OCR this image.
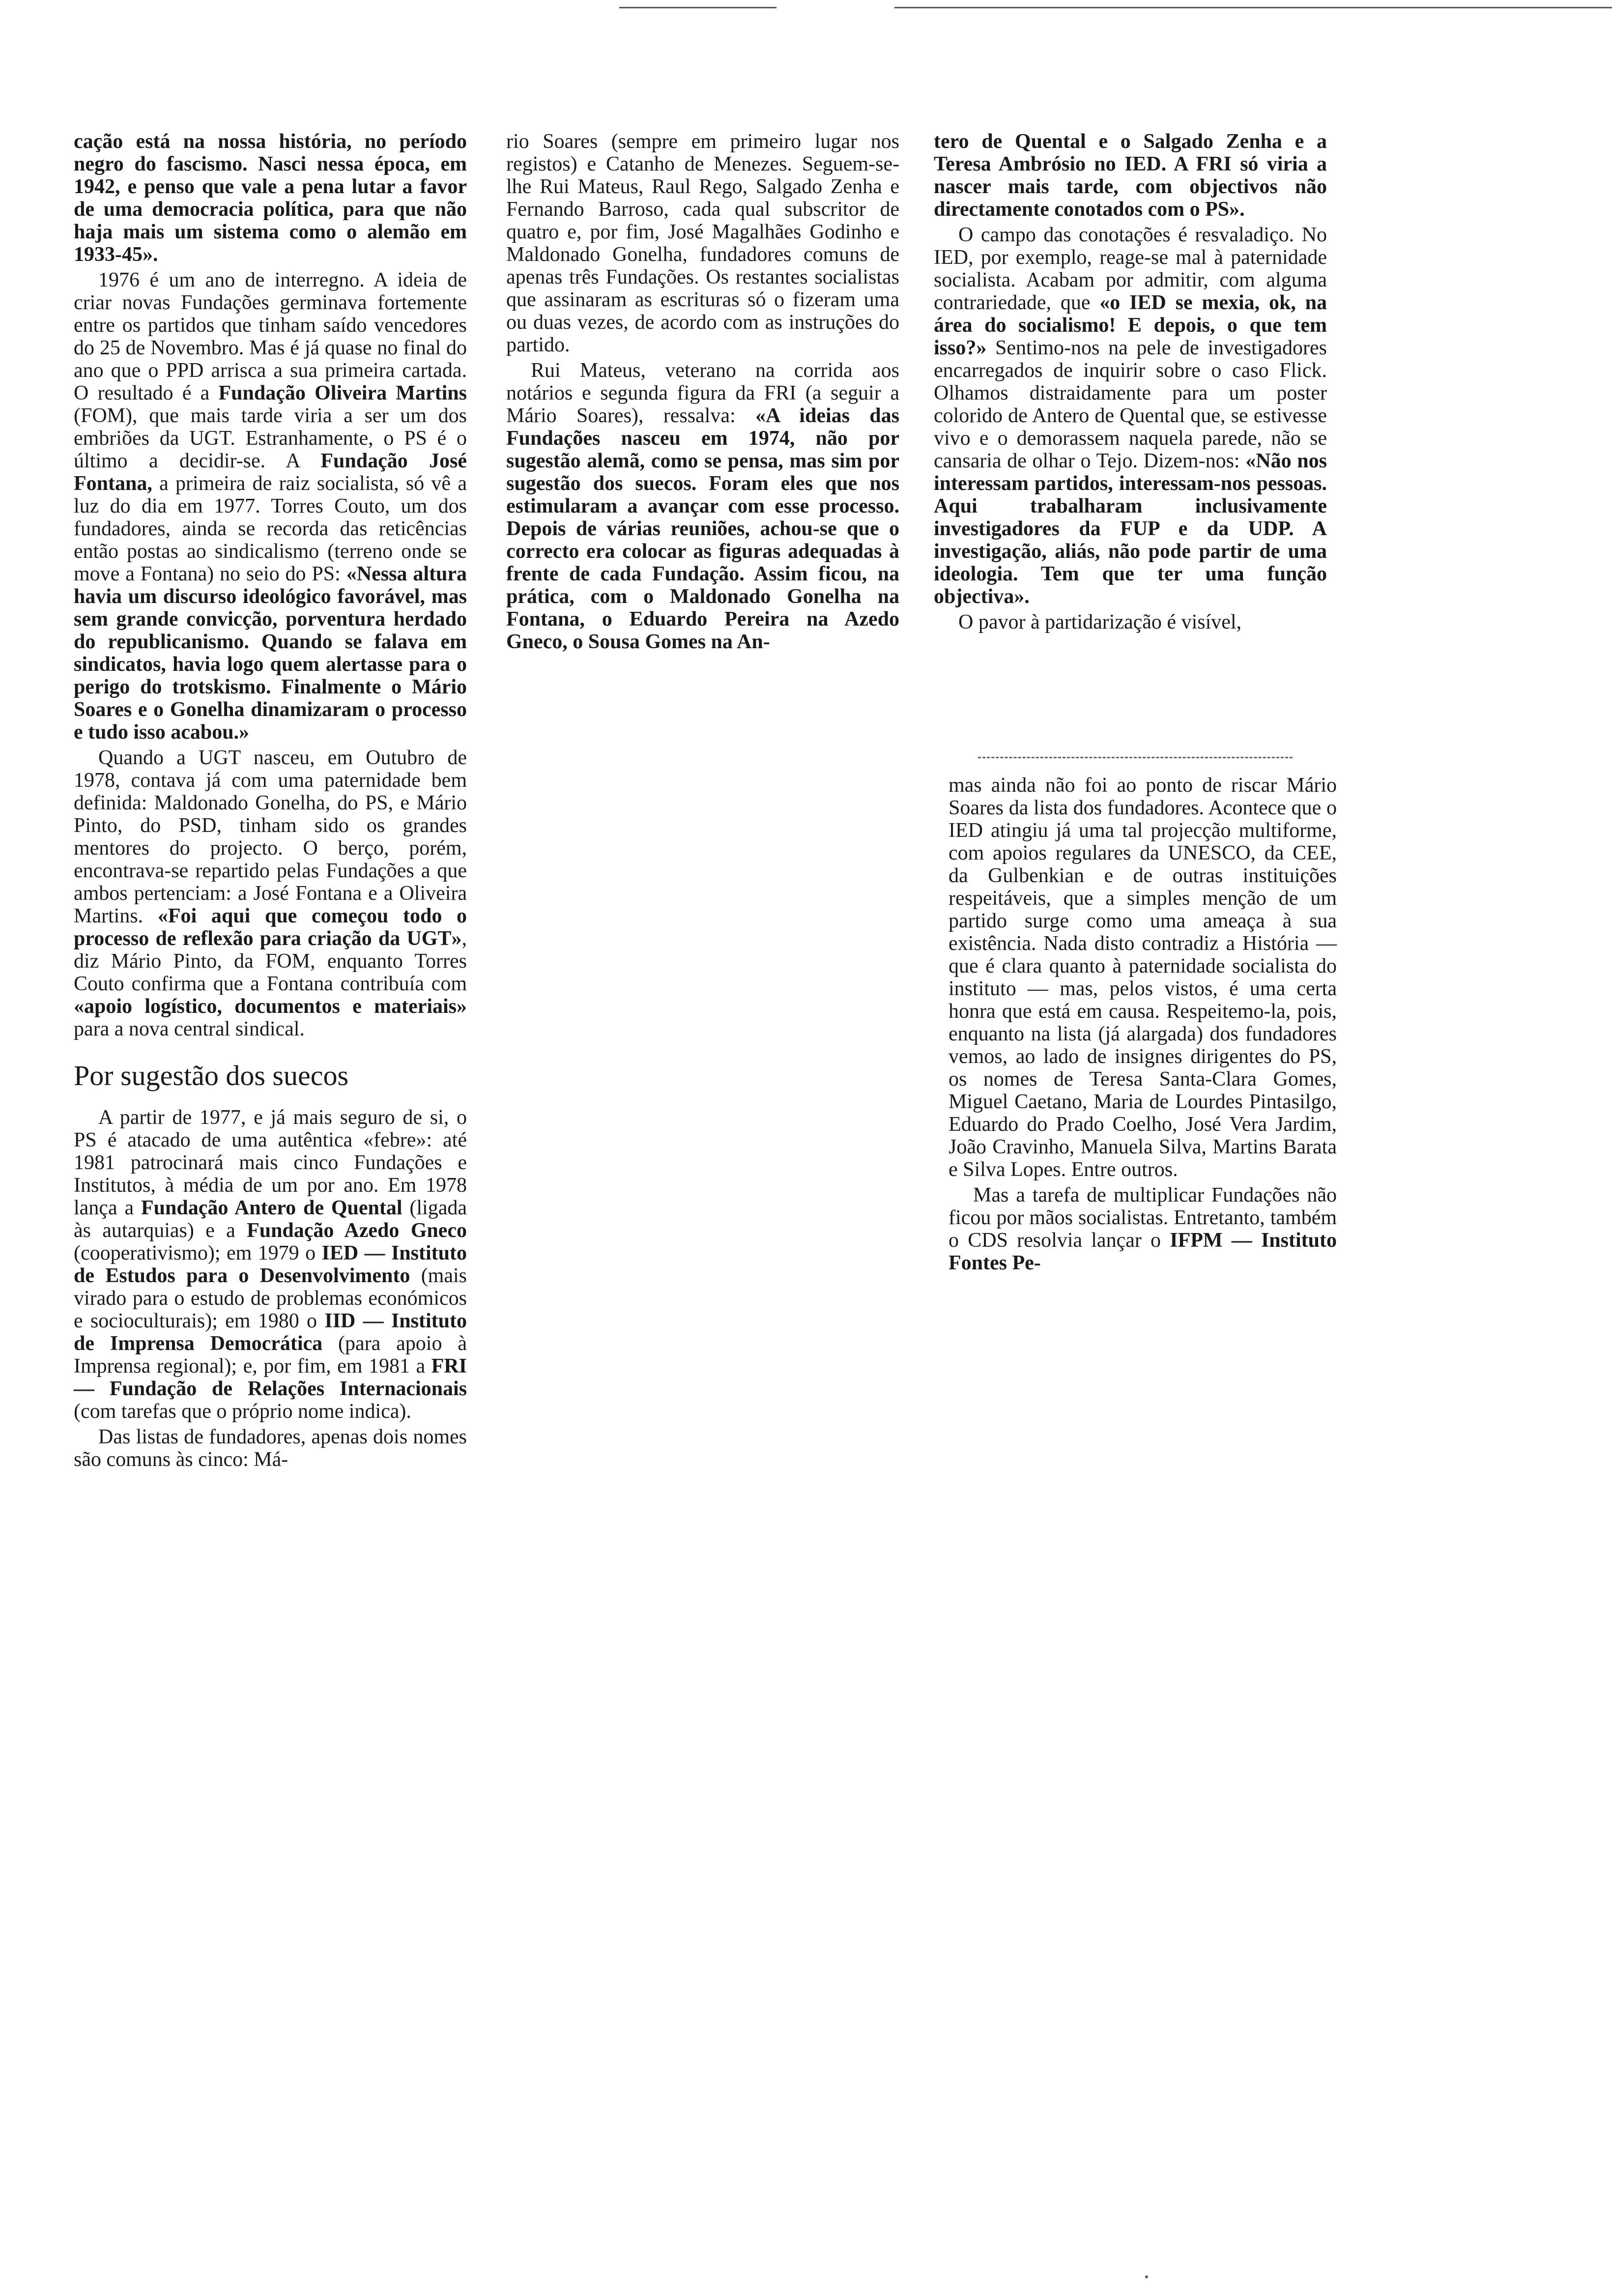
cação está na nossa história, no período negro do fascismo. Nasci nessa época, em 1942, e penso que vale a pena lutar a favor de uma democracia política, para que não haja mais um sistema como o alemão em 1933-45».

1976 é um ano de interregno. A ideia de criar novas Fundações germinava fortemente entre os partidos que tinham saído vencedores do 25 de Novembro. Mas é já quase no final do ano que o PPD arrisca a sua primeira cartada. O resultado é a Fundação Oliveira Martins (FOM), que mais tarde viria a ser um dos embriões da UGT. Estranhamente, o PS é o último a decidir-se. A Fundação José Fontana, a primeira de raiz socialista, só vê a luz do dia em 1977. Torres Couto, um dos fundadores, ainda se recorda das reticências então postas ao sindicalismo (terreno onde se move a Fontana) no seio do PS: «Nessa altura havia um discurso ideológico favorável, mas sem grande convicção, porventura herdado do republicanismo. Quando se falava em sindicatos, havia logo quem alertasse para o perigo do trotskismo. Finalmente o Mário Soares e o Gonelha dinamizaram o processo e tudo isso acabou.»

Quando a UGT nasceu, em Outubro de 1978, contava já com uma paternidade bem definida: Maldonado Gonelha, do PS, e Mário Pinto, do PSD, tinham sido os grandes mentores do projecto. O berço, porém, encontrava-se repartido pelas Fundações a que ambos pertenciam: a José Fontana e a Oliveira Martins. «Foi aqui que começou todo o processo de reflexão para criação da UGT», diz Mário Pinto, da FOM, enquanto Torres Couto confirma que a Fontana contribuía com «apoio logístico, documentos e materiais» para a nova central sindical.

Por sugestão dos suecos

A partir de 1977, e já mais seguro de si, o PS é atacado de uma autêntica «febre»: até 1981 patrocinará mais cinco Fundações e Institutos, à média de um por ano. Em 1978 lança a Fundação Antero de Quental (ligada às autarquias) e a Fundação Azedo Gneco (cooperativismo); em 1979 o IED — Instituto de Estudos para o Desenvolvimento (mais virado para o estudo de problemas económicos e socioculturais); em 1980 o IID — Instituto de Imprensa Democrática (para apoio à Imprensa regional); e, por fim, em 1981 a FRI — Fundação de Relações Internacionais (com tarefas que o próprio nome indica).

Das listas de fundadores, apenas dois nomes são comuns às cinco: Má-

rio Soares (sempre em primeiro lugar nos registos) e Catanho de Menezes. Seguem-se-lhe Rui Mateus, Raul Rego, Salgado Zenha e Fernando Barroso, cada qual subscritor de quatro e, por fim, José Magalhães Godinho e Maldonado Gonelha, fundadores comuns de apenas três Fundações. Os restantes socialistas que assinaram as escrituras só o fizeram uma ou duas vezes, de acordo com as instruções do partido.

Rui Mateus, veterano na corrida aos notários e segunda figura da FRI (a seguir a Mário Soares), ressalva: «A ideias das Fundações nasceu em 1974, não por sugestão alemã, como se pensa, mas sim por sugestão dos suecos. Foram eles que nos estimularam a avançar com esse processo. Depois de várias reuniões, achou-se que o correcto era colocar as figuras adequadas à frente de cada Fundação. Assim ficou, na prática, com o Maldonado Gonelha na Fontana, o Eduardo Pereira na Azedo Gneco, o Sousa Gomes na An-

tero de Quental e o Salgado Zenha e a Teresa Ambrósio no IED. A FRI só viria a nascer mais tarde, com objectivos não directamente conotados com o PS».

O campo das conotações é resvaladiço. No IED, por exemplo, reage-se mal à paternidade socialista. Acabam por admitir, com alguma contrariedade, que «o IED se mexia, ok, na área do socialismo! E depois, o que tem isso?» Sentimo-nos na pele de investigadores encarregados de inquirir sobre o caso Flick. Olhamos distraidamente para um poster colorido de Antero de Quental que, se estivesse vivo e o demorassem naquela parede, não se cansaria de olhar o Tejo. Dizem-nos: «Não nos interessam partidos, interessam-nos pessoas. Aqui trabalharam inclusivamente investigadores da FUP e da UDP. A investigação, aliás, não pode partir de uma ideologia. Tem que ter uma função objectiva».

O pavor à partidarização é visível,

mas ainda não foi ao ponto de riscar Mário Soares da lista dos fundadores. Acontece que o IED atingiu já uma tal projecção multiforme, com apoios regulares da UNESCO, da CEE, da Gulbenkian e de outras instituições respeitáveis, que a simples menção de um partido surge como uma ameaça à sua existência. Nada disto contradiz a História — que é clara quanto à paternidade socialista do instituto — mas, pelos vistos, é uma certa honra que está em causa. Respeitemo-la, pois, enquanto na lista (já alargada) dos fundadores vemos, ao lado de insignes dirigentes do PS, os nomes de Teresa Santa-Clara Gomes, Miguel Caetano, Maria de Lourdes Pintasilgo, Eduardo do Prado Coelho, José Vera Jardim, João Cravinho, Manuela Silva, Martins Barata e Silva Lopes. Entre outros.

Mas a tarefa de multiplicar Fundações não ficou por mãos socialistas. Entretanto, também o CDS resolvia lançar o IFPM — Instituto Fontes Pe-
